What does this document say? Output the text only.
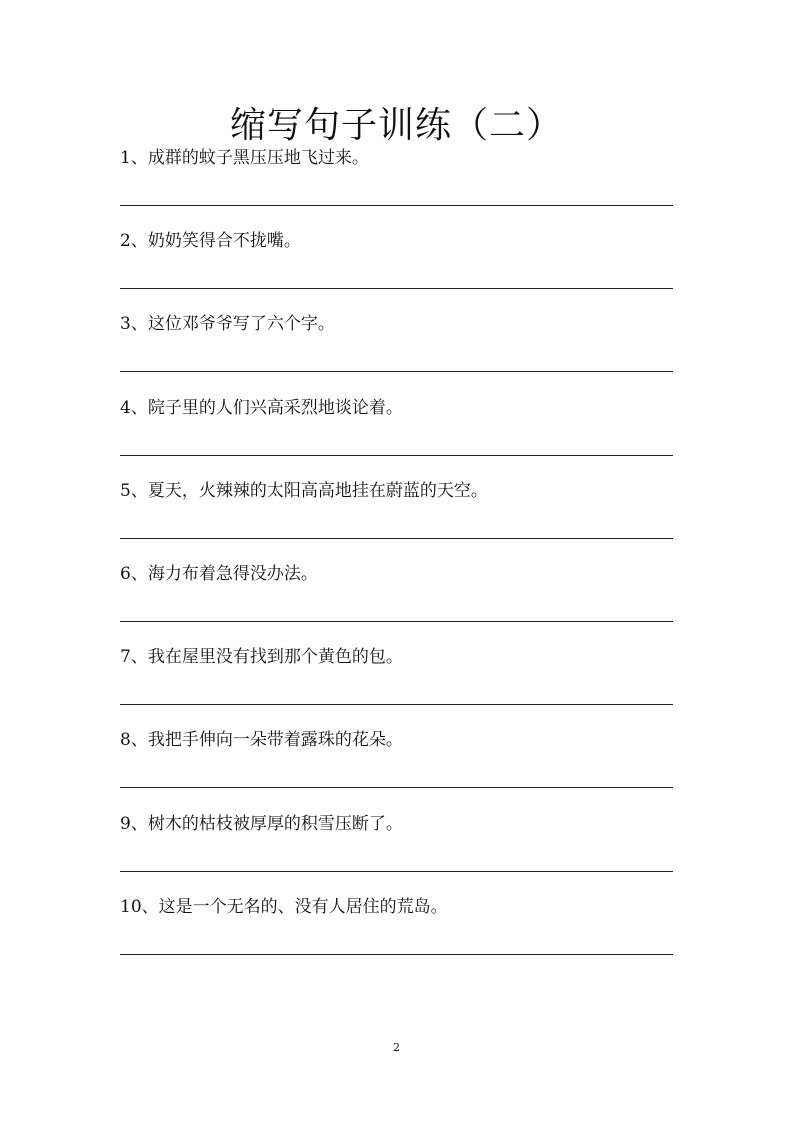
缩写句子训练（二）
1、成群的蚊子黑压压地飞过来。
2、奶奶笑得合不拢嘴。
3、这位邓爷爷写了六个字。
4、院子里的人们兴高采烈地谈论着。
5、夏天，火辣辣的太阳高高地挂在蔚蓝的天空。
6、海力布着急得没办法。
7、我在屋里没有找到那个黄色的包。
8、我把手伸向一朵带着露珠的花朵。
9、树木的枯枝被厚厚的积雪压断了。
10、这是一个无名的、没有人居住的荒岛。
2
